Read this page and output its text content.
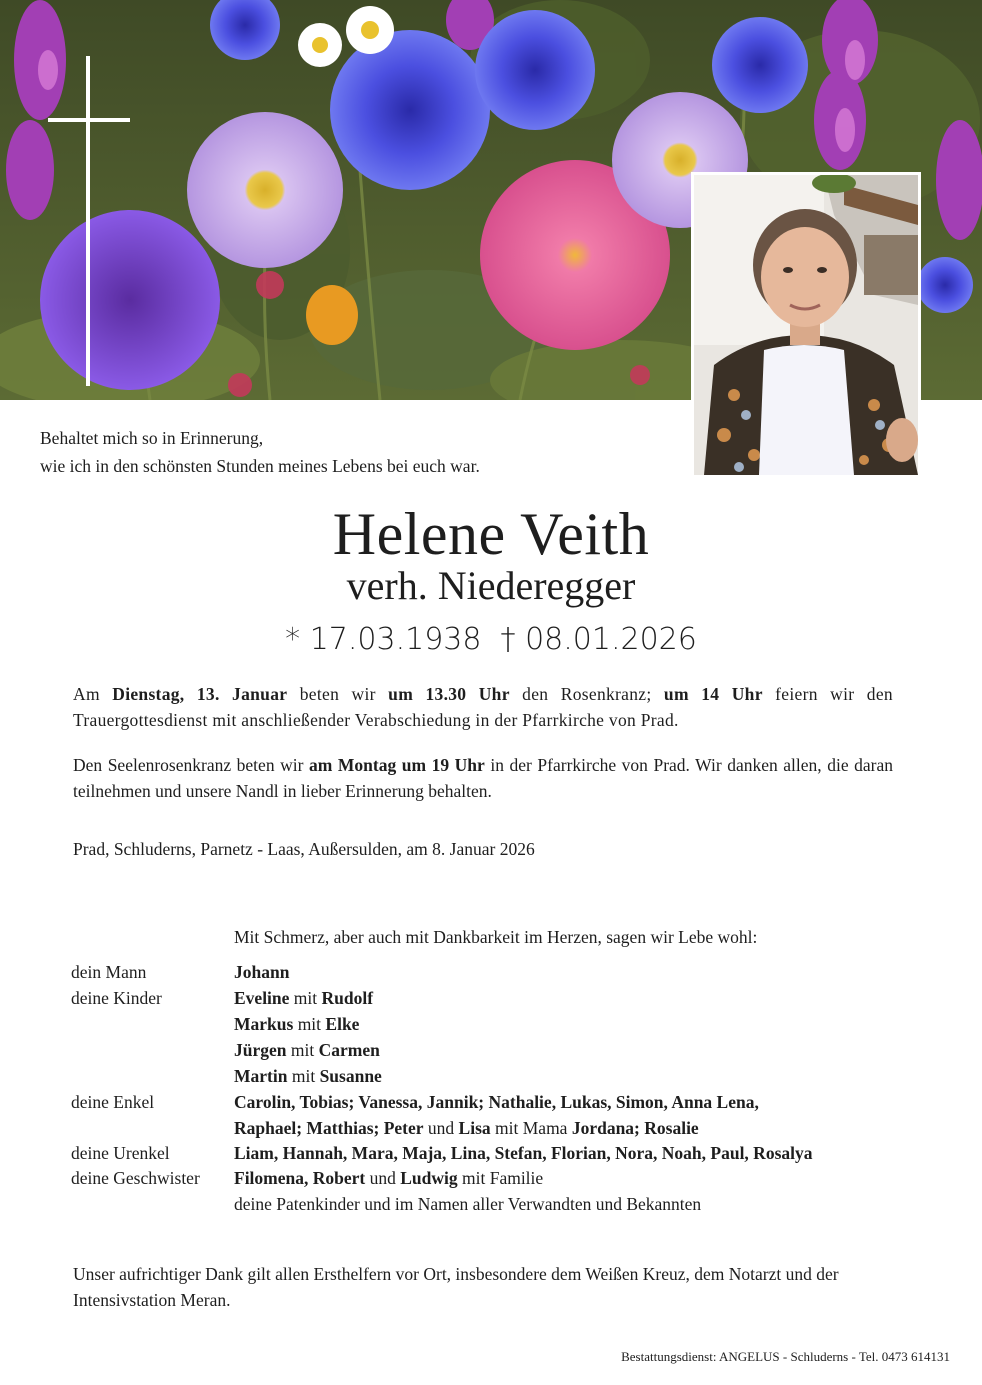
Behaltet mich so in Erinnerung,
wie ich in den schönsten Stunden meines Lebens bei euch war.
Helene Veith
verh. Niederegger
* 17.03.1938  † 08.01.2026
Am Dienstag, 13. Januar beten wir um 13.30 Uhr den Rosenkranz; um 14 Uhr feiern wir den Trauergottesdienst mit anschließender Verabschiedung in der Pfarrkirche von Prad.
Den Seelenrosenkranz beten wir am Montag um 19 Uhr in der Pfarrkirche von Prad. Wir danken allen, die daran teilnehmen und unsere Nandl in lieber Erinnerung behalten.
Prad, Schluderns, Parnetz - Laas, Außersulden, am 8. Januar 2026
Mit Schmerz, aber auch mit Dankbarkeit im Herzen, sagen wir Lebe wohl:
dein Mann	Johann
deine Kinder	Eveline mit Rudolf
Markus mit Elke
Jürgen mit Carmen
Martin mit Susanne
deine Enkel	Carolin, Tobias; Vanessa, Jannik; Nathalie, Lukas, Simon, Anna Lena,
Raphael; Matthias; Peter und Lisa mit Mama Jordana; Rosalie
deine Urenkel	Liam, Hannah, Mara, Maja, Lina, Stefan, Florian, Nora, Noah, Paul, Rosalya
deine Geschwister Filomena, Robert und Ludwig mit Familie
deine Patenkinder und im Namen aller Verwandten und Bekannten
Unser aufrichtiger Dank gilt allen Ersthelfern vor Ort, insbesondere dem Weißen Kreuz, dem Notarzt und der Intensivstation Meran.
Bestattungsdienst: ANGELUS - Schluderns - Tel. 0473 614131
